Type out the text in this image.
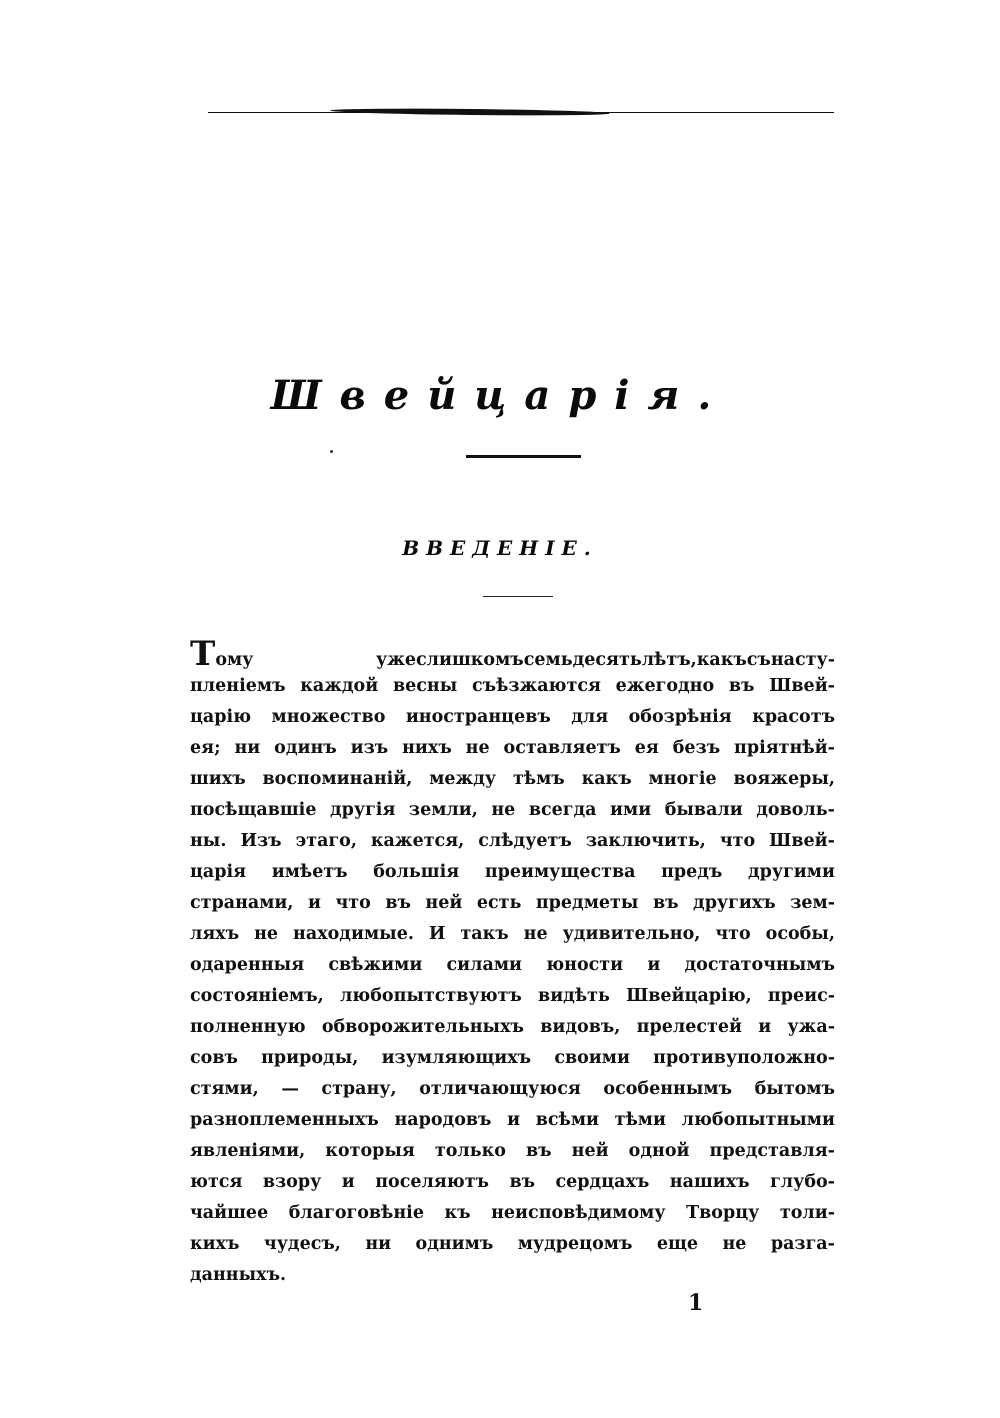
Швейцарія.
ВВЕДЕНІЕ.
Т ому	уже слишкомъ семьдесять лѣтъ, какъ съ насту-
пленіемъ каждой весны съѣзжаются ежегодно въ Швей-
царію множество иностранцевъ для обозрѣнія красотъ
ея; ни одинъ изъ нихъ не оставляетъ ея безъ пріятнѣй-
шихъ воспоминаній, между тѣмъ какъ многіе вояжеры,
посѣщавшіе другія земли, не всегда ими бывали доволь-
ны. Изъ этаго, кажется, слѣдуетъ заключить, что Швей-
царія имѣетъ большія преимущества предъ другими
странами, и что въ ней есть предметы въ другихъ зем-
ляхъ не находимые. И такъ не удивительно, что особы,
одаренныя свѣжими силами юности и достаточнымъ
состояніемъ, любопытствуютъ видѣть Швейцарію, преис-
полненную обворожительныхъ видовъ, прелестей и ужа-
совъ природы, изумляющихъ своими противуположно-
стями, — страну, отличающуюся особеннымъ бытомъ
разноплеменныхъ народовъ и всѣми тѣми любопытными
явленіями, которыя только въ ней одной представля-
ются взору и поселяютъ въ сердцахъ нашихъ глубо-
чайшее благоговѣніе къ неисповѣдимому Творцу толи-
кихъ чудесъ, ни однимъ мудрецомъ еще не разга-
данныхъ.
1
